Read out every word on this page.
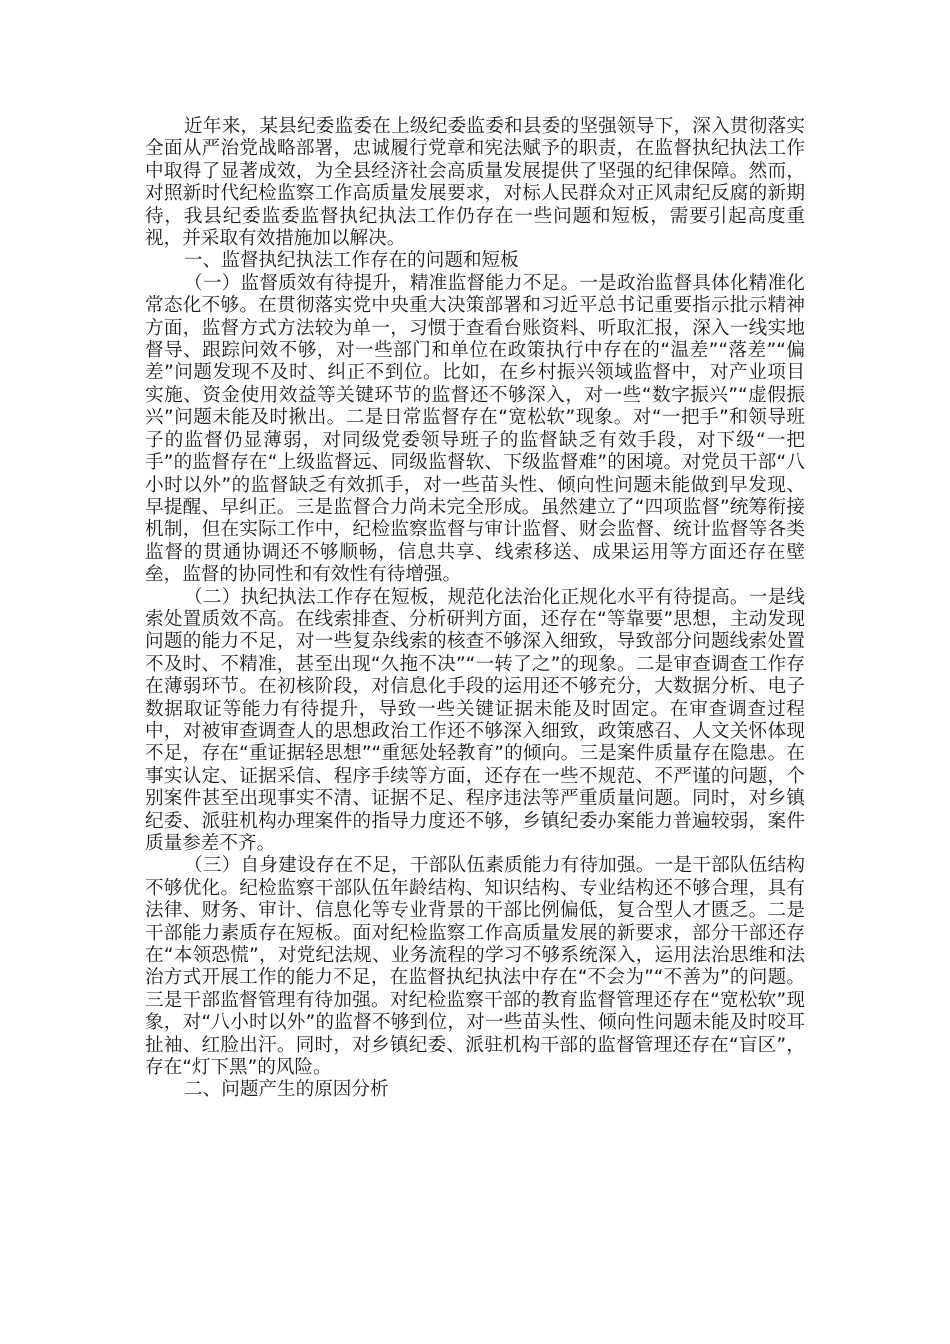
近年来，某县纪委监委在上级纪委监委和县委的坚强领导下，深入贯彻落实全面从严治党战略部署，忠诚履行党章和宪法赋予的职责，在监督执纪执法工作中取得了显著成效，为全县经济社会高质量发展提供了坚强的纪律保障。然而，对照新时代纪检监察工作高质量发展要求，对标人民群众对正风肃纪反腐的新期待，我县纪委监委监督执纪执法工作仍存在一些问题和短板，需要引起高度重视，并采取有效措施加以解决。

一、监督执纪执法工作存在的问题和短板

（一）监督质效有待提升，精准监督能力不足。一是政治监督具体化精准化常态化不够。在贯彻落实党中央重大决策部署和习近平总书记重要指示批示精神方面，监督方式方法较为单一，习惯于查看台账资料、听取汇报，深入一线实地督导、跟踪问效不够，对一些部门和单位在政策执行中存在的“温差”“落差”“偏差”问题发现不及时、纠正不到位。比如，在乡村振兴领域监督中，对产业项目实施、资金使用效益等关键环节的监督还不够深入，对一些“数字振兴”“虚假振兴”问题未能及时揪出。二是日常监督存在“宽松软”现象。对“一把手”和领导班子的监督仍显薄弱，对同级党委领导班子的监督缺乏有效手段，对下级“一把手”的监督存在“上级监督远、同级监督软、下级监督难”的困境。对党员干部“八小时以外”的监督缺乏有效抓手，对一些苗头性、倾向性问题未能做到早发现、早提醒、早纠正。三是监督合力尚未完全形成。虽然建立了“四项监督”统筹衔接机制，但在实际工作中，纪检监察监督与审计监督、财会监督、统计监督等各类监督的贯通协调还不够顺畅，信息共享、线索移送、成果运用等方面还存在壁垒，监督的协同性和有效性有待增强。

（二）执纪执法工作存在短板，规范化法治化正规化水平有待提高。一是线索处置质效不高。在线索排查、分析研判方面，还存在“等靠要”思想，主动发现问题的能力不足，对一些复杂线索的核查不够深入细致，导致部分问题线索处置不及时、不精准，甚至出现“久拖不决”“一转了之”的现象。二是审查调查工作存在薄弱环节。在初核阶段，对信息化手段的运用还不够充分，大数据分析、电子数据取证等能力有待提升，导致一些关键证据未能及时固定。在审查调查过程中，对被审查调查人的思想政治工作还不够深入细致，政策感召、人文关怀体现不足，存在“重证据轻思想”“重惩处轻教育”的倾向。三是案件质量存在隐患。在事实认定、证据采信、程序手续等方面，还存在一些不规范、不严谨的问题，个别案件甚至出现事实不清、证据不足、程序违法等严重质量问题。同时，对乡镇纪委、派驻机构办理案件的指导力度还不够，乡镇纪委办案能力普遍较弱，案件质量参差不齐。

（三）自身建设存在不足，干部队伍素质能力有待加强。一是干部队伍结构不够优化。纪检监察干部队伍年龄结构、知识结构、专业结构还不够合理，具有法律、财务、审计、信息化等专业背景的干部比例偏低，复合型人才匮乏。二是干部能力素质存在短板。面对纪检监察工作高质量发展的新要求，部分干部还存在“本领恐慌”，对党纪法规、业务流程的学习不够系统深入，运用法治思维和法治方式开展工作的能力不足，在监督执纪执法中存在“不会为”“不善为”的问题。三是干部监督管理有待加强。对纪检监察干部的教育监督管理还存在“宽松软”现象，对“八小时以外”的监督不够到位，对一些苗头性、倾向性问题未能及时咬耳扯袖、红脸出汗。同时，对乡镇纪委、派驻机构干部的监督管理还存在“盲区”，存在“灯下黑”的风险。

二、问题产生的原因分析
